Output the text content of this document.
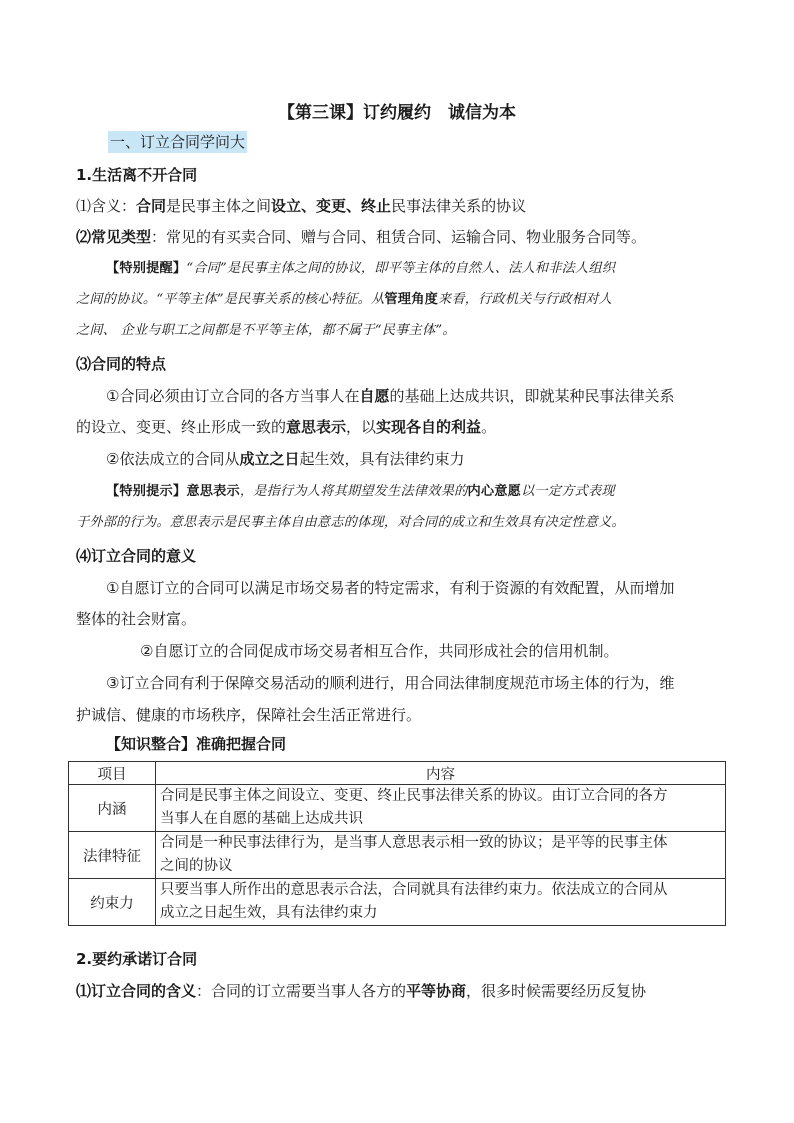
【第三课】订约履约　诚信为本
一、订立合同学问大
1.生活离不开合同
⑴含义：合同是民事主体之间设立、变更、终止民事法律关系的协议
⑵常见类型：常见的有买卖合同、赠与合同、租赁合同、运输合同、物业服务合同等。
【特别提醒】“合同”是民事主体之间的协议，即平等主体的自然人、法人和非法人组织
之间的协议。“平等主体”是民事关系的核心特征。从管理角度来看，行政机关与行政相对人
之间、 企业与职工之间都是不平等主体，都不属于“民事主体”。
⑶合同的特点
①合同必须由订立合同的各方当事人在自愿的基础上达成共识，即就某种民事法律关系
的设立、变更、终止形成一致的意思表示，以实现各自的利益。
②依法成立的合同从成立之日起生效，具有法律约束力
【特别提示】意思表示，是指行为人将其期望发生法律效果的内心意愿以一定方式表现
于外部的行为。意思表示是民事主体自由意志的体现，对合同的成立和生效具有决定性意义。
⑷订立合同的意义
①自愿订立的合同可以满足市场交易者的特定需求，有利于资源的有效配置，从而增加
整体的社会财富。
②自愿订立的合同促成市场交易者相互合作，共同形成社会的信用机制。
③订立合同有利于保障交易活动的顺利进行，用合同法律制度规范市场主体的行为，维
护诚信、健康的市场秩序，保障社会生活正常进行。
【知识整合】准确把握合同
项目	内容
内涵	合同是民事主体之间设立、变更、终止民事法律关系的协议。由订立合同的各方
当事人在自愿的基础上达成共识
法律特征	合同是一种民事法律行为，是当事人意思表示相一致的协议；是平等的民事主体
之间的协议
约束力	只要当事人所作出的意思表示合法，合同就具有法律约束力。依法成立的合同从
成立之日起生效，具有法律约束力
2.要约承诺订合同
⑴订立合同的含义：合同的订立需要当事人各方的平等协商，很多时候需要经历反复协
